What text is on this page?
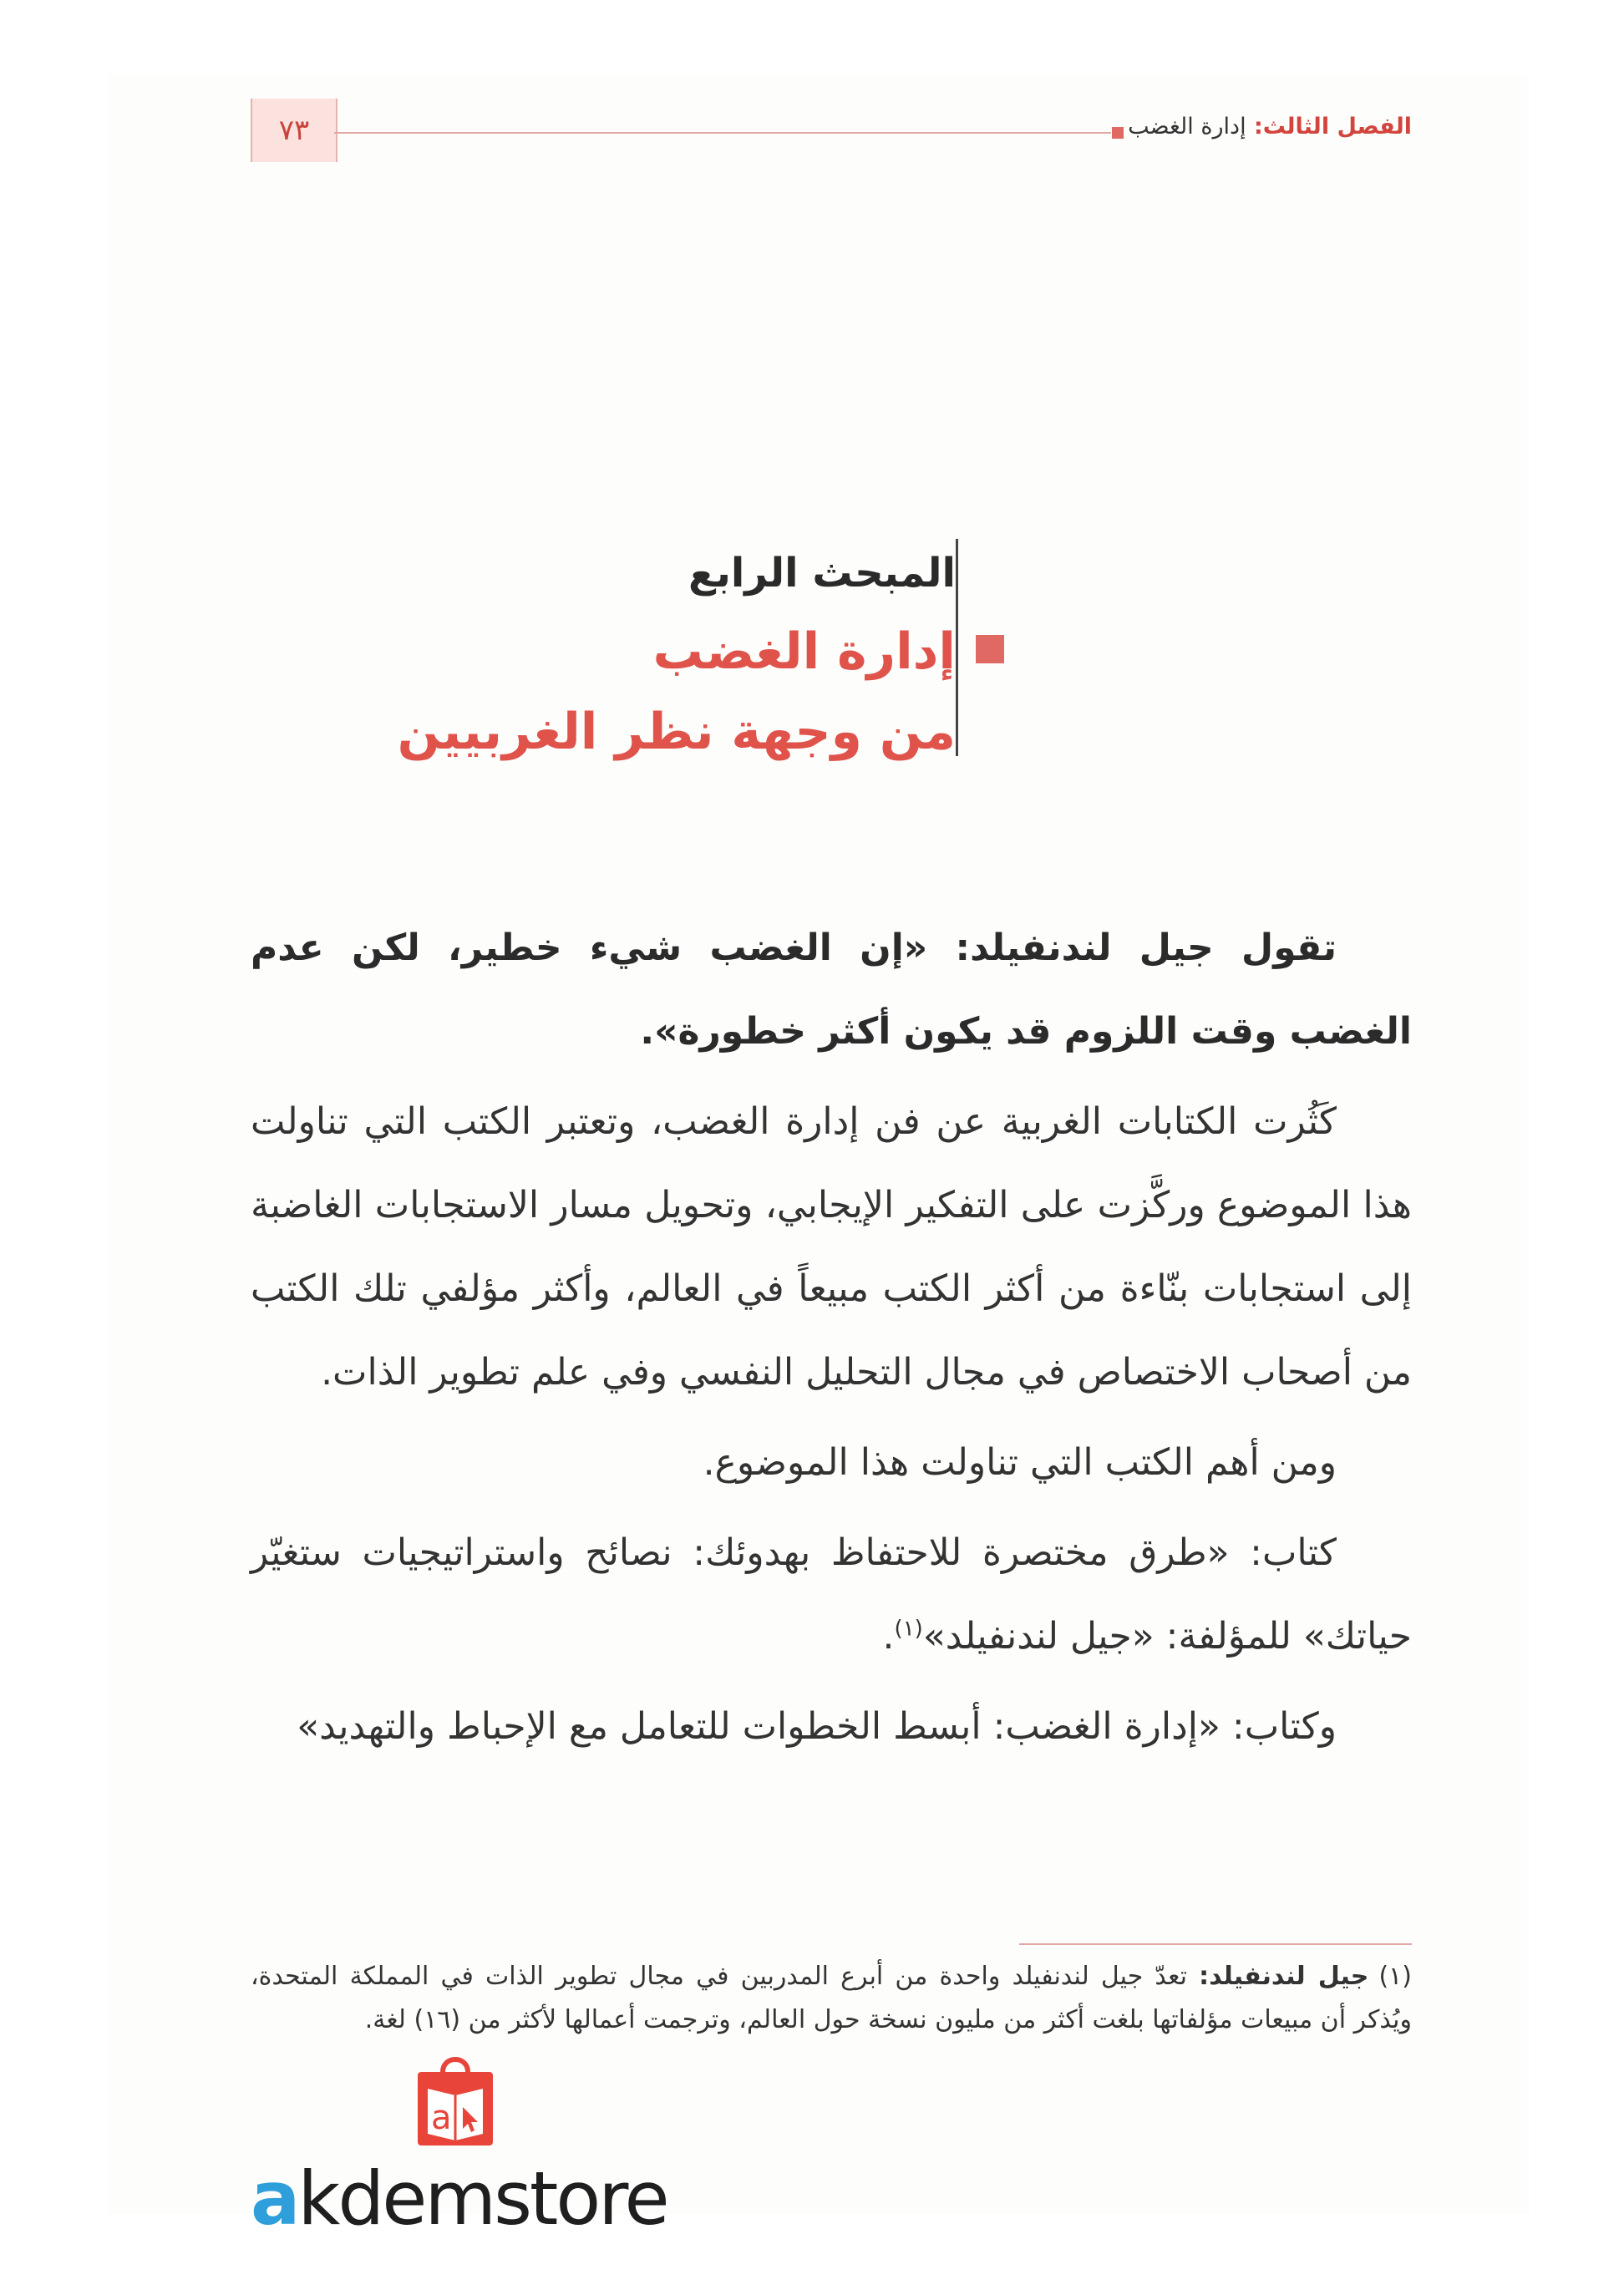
٧٣	الفصل الثالث: إدارة الغضب
المبحث الرابع
إدارة الغضب
من وجهة نظر الغربيين

تقول جيل لندنفيلد: «إن الغضب شيء خطير، لكن عدم الغضب وقت اللزوم قد يكون أكثر خطورة».

كَثُرت الكتابات الغربية عن فن إدارة الغضب، وتعتبر الكتب التي تناولت هذا الموضوع وركَّزت على التفكير الإيجابي، وتحويل مسار الاستجابات الغاضبة إلى استجابات بنّاءة من أكثر الكتب مبيعاً في العالم، وأكثر مؤلفي تلك الكتب من أصحاب الاختصاص في مجال التحليل النفسي وفي علم تطوير الذات.

ومن أهم الكتب التي تناولت هذا الموضوع.

كتاب: «طرق مختصرة للاحتفاظ بهدوئك: نصائح واستراتيجيات ستغيّر حياتك» للمؤلفة: «جيل لندنفيلد»$^{(١)}$.

وكتاب: «إدارة الغضب: أبسط الخطوات للتعامل مع الإحباط والتهديد»

(١)جيل لندنفيلد: تعدّ جيل لندنفيلد واحدة من أبرع المدربين في مجال تطوير الذات في المملكة المتحدة، ويُذكر أن مبيعات مؤلفاتها بلغت أكثر من مليون نسخة حول العالم، وترجمت أعمالها لأكثر من (١٦) لغة.
a
akdemstore
